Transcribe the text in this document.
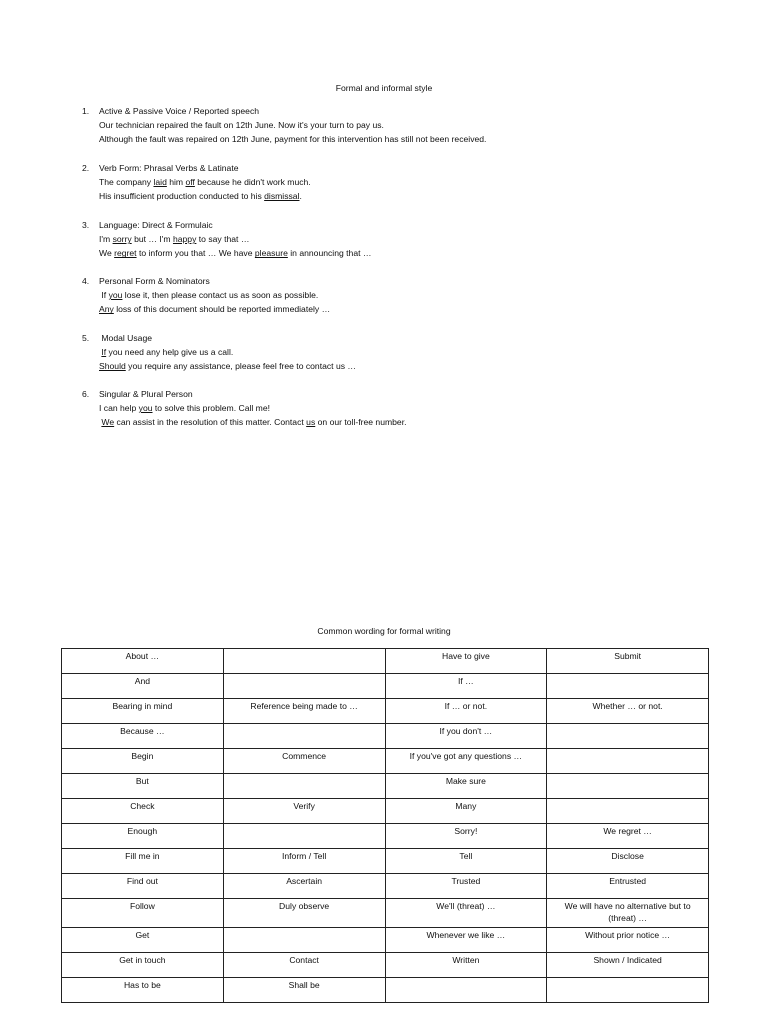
Formal and informal style
1. Active & Passive Voice / Reported speech
Our technician repaired the fault on 12th June. Now it's your turn to pay us.
Although the fault was repaired on 12th June, payment for this intervention has still not been received.
2. Verb Form: Phrasal Verbs & Latinate
The company laid him off because he didn't work much.
His insufficient production conducted to his dismissal.
3. Language: Direct & Formulaic
I'm sorry but … I'm happy to say that …
We regret to inform you that … We have pleasure in announcing that …
4. Personal Form & Nominators
If you lose it, then please contact us as soon as possible.
Any loss of this document should be reported immediately …
5. Modal Usage
If you need any help give us a call.
Should you require any assistance, please feel free to contact us …
6. Singular & Plural Person
I can help you to solve this problem. Call me!
We can assist in the resolution of this matter. Contact us on our toll-free number.
Common wording for formal writing
About …		Have to give	Submit
And		If …	
Bearing in mind	Reference being made to …	If … or not.	Whether … or not.
Because …		If you don't …	
Begin	Commence	If you've got any questions …	
But		Make sure	
Check	Verify	Many	
Enough		Sorry!	We regret …
Fill me in	Inform / Tell	Tell	Disclose
Find out	Ascertain	Trusted	Entrusted
Follow	Duly observe	We'll (threat) …	We will have no alternative but to (threat) …
Get		Whenever we like …	Without prior notice …
Get in touch	Contact	Written	Shown / Indicated
Has to be	Shall be		
